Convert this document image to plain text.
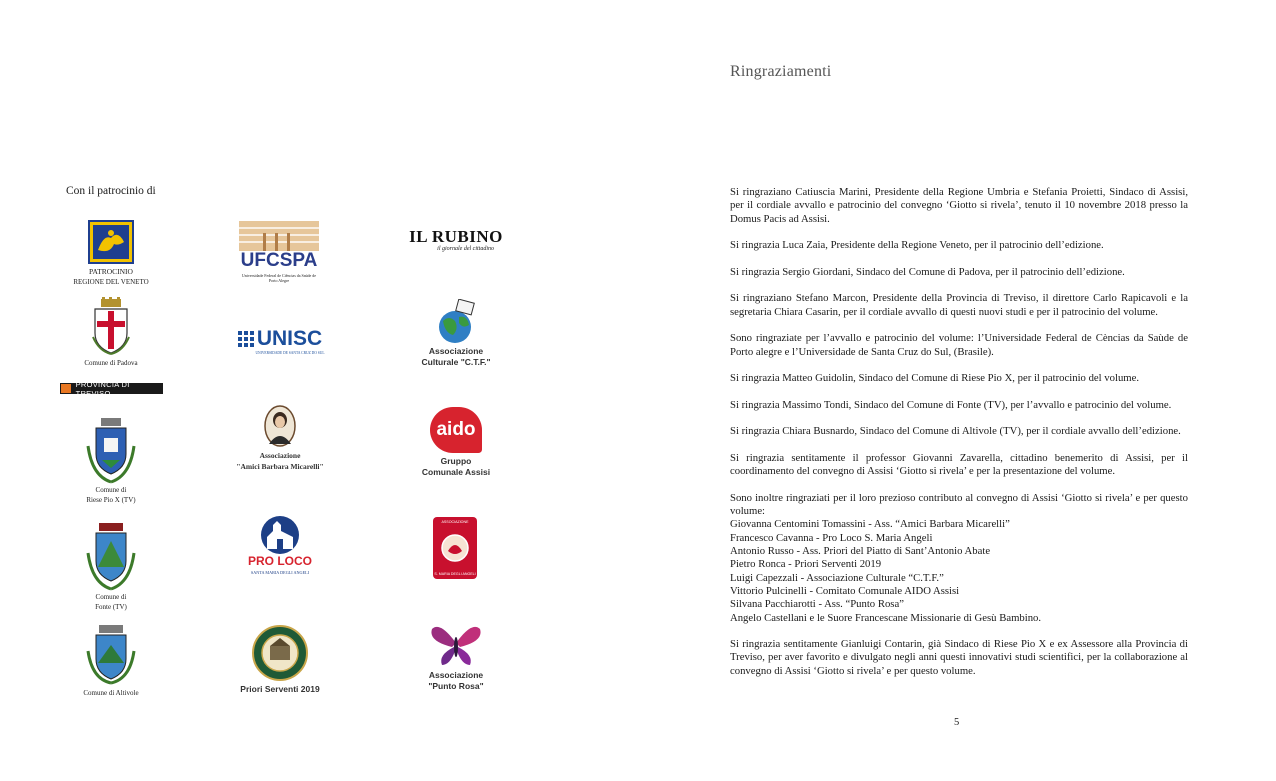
Con il patrocinio di
PATROCINIO
REGIONE DEL VENETO
UFCSPA
Universidade Federal de Ciências da Saúde de Porto Alegre
IL RUBINO
il giornale del cittadino
Comune di Padova
UNISC
UNIVERSIDADE DE SANTA CRUZ DO SUL	Associazione
Culturale "C.T.F."
PROVINCIA DI TREVISO
Comune di
Riese Pio X (TV)
Associazione
"Amici Barbara Micarelli"
aido
Gruppo
Comunale Assisi
Comune di
Fonte (TV)
PRO LOCO
SANTA MARIA DEGLI ANGELI
ASSOCIAZIONE
S. MARIA DEGLI ANGELI
Comune di Altivole	Priori Serventi 2019
Associazione
"Punto Rosa"
Ringraziamenti

Si ringraziano Catiuscia Marini, Presidente della Regione Umbria e Stefania Proietti, Sindaco di Assisi, per il cordiale avvallo e patrocinio del convegno ‘Giotto si rivela’, tenuto il 10 novembre 2018 presso la Domus Pacis ad Assisi.

Si ringrazia Luca Zaia, Presidente della Regione Veneto, per il patrocinio dell’edizione.

Si ringrazia Sergio Giordani, Sindaco del Comune di Padova, per il patrocinio dell’edizione.

Si ringraziano Stefano Marcon, Presidente della Provincia di Treviso, il direttore Carlo Rapicavoli e la segretaria Chiara Casarin, per il cordiale avvallo di questi nuovi studi e per il patrocinio del volume.

Sono ringraziate per l’avvallo e patrocinio del volume: l’Universidade Federal de Cèncias da Saùde de Porto alegre e l’Universidade de Santa Cruz do Sul, (Brasile).

Si ringrazia Matteo Guidolin, Sindaco del Comune di Riese Pio X, per il patrocinio del volume.

Si ringrazia Massimo Tondi, Sindaco del Comune di Fonte (TV), per l’avvallo e patrocinio del volume.

Si ringrazia Chiara Busnardo, Sindaco del Comune di Altivole (TV), per il cordiale avvallo dell’edizione.

Si ringrazia sentitamente il professor Giovanni Zavarella, cittadino benemerito di Assisi, per il coordinamento del convegno di Assisi ‘Giotto si rivela’ e per la presentazione del volume.

Sono inoltre ringraziati per il loro prezioso contributo al convegno di Assisi ‘Giotto si rivela’ e per questo volume:

Giovanna Centomini Tomassini - Ass. “Amici Barbara Micarelli”
Francesco Cavanna - Pro Loco S. Maria Angeli
Antonio Russo - Ass. Priori del Piatto di Sant’Antonio Abate
Pietro Ronca - Priori Serventi 2019
Luigi Capezzali - Associazione Culturale “C.T.F.”
Vittorio Pulcinelli - Comitato Comunale AIDO Assisi
Silvana Pacchiarotti - Ass. “Punto Rosa”
Angelo Castellani e le Suore Francescane Missionarie di Gesù Bambino.

Si ringrazia sentitamente Gianluigi Contarin, già Sindaco di Riese Pio X e ex Assessore alla Provincia di Treviso, per aver favorito e divulgato negli anni questi innovativi studi scientifici, per la collaborazione al convegno di Assisi ‘Giotto si rivela’ e per questo volume.

5
